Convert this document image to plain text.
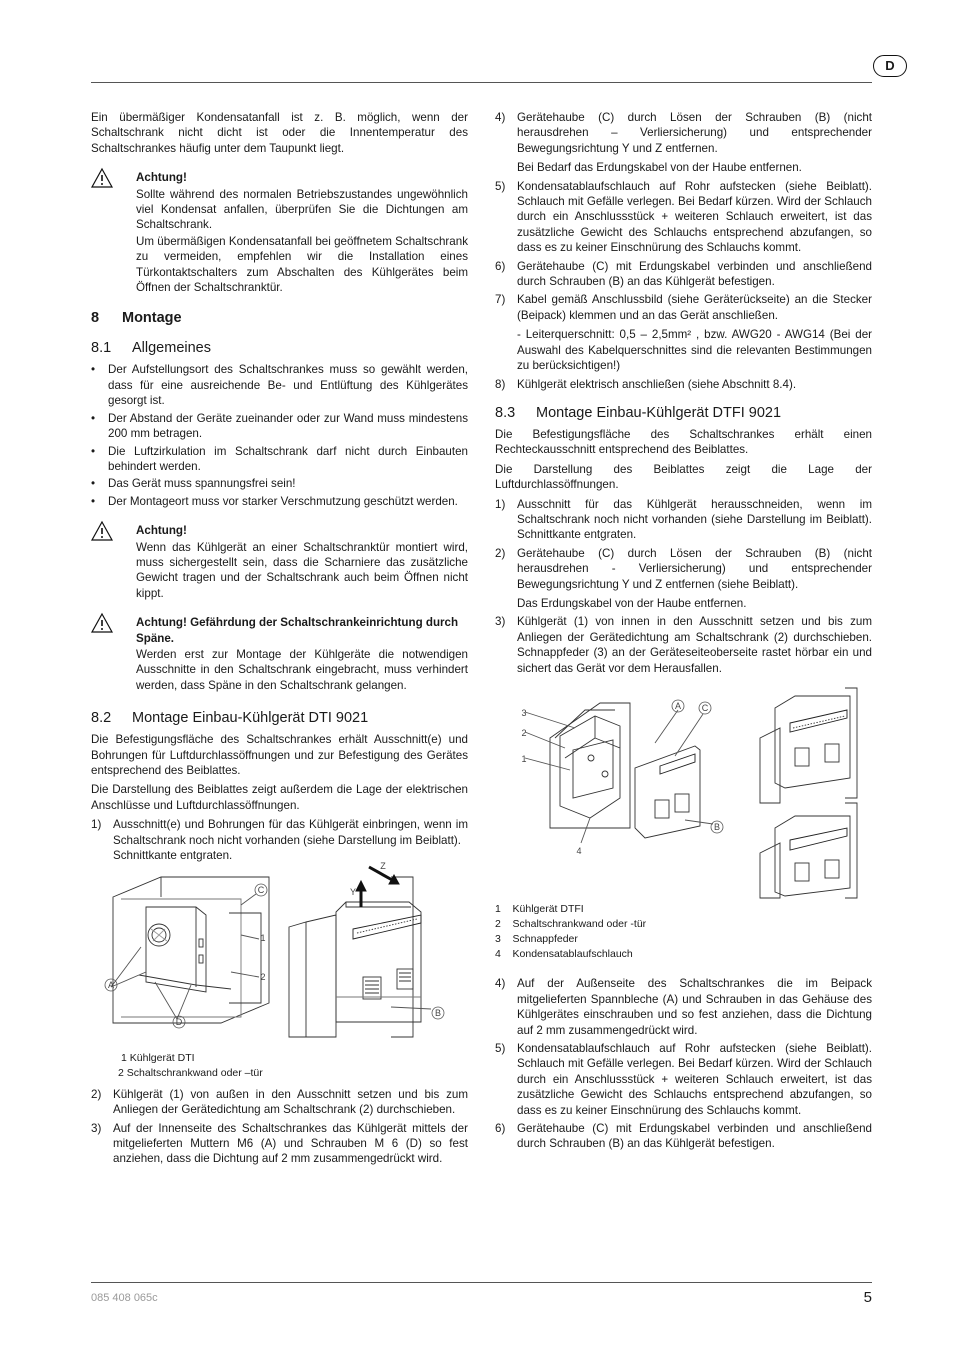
D

Ein übermäßiger Kondensatanfall ist z. B. möglich, wenn der Schaltschrank nicht dicht ist oder die Innentemperatur des Schaltschrankes häufig unter dem Taupunkt liegt.

Achtung!

Sollte während des normalen Betriebszustandes ungewöhnlich viel Kondensat anfallen, überprüfen Sie die Dichtungen am Schaltschrank.

Um übermäßigen Kondensatanfall bei geöffnetem Schaltschrank zu vermeiden, empfehlen wir die Installation eines Türkontaktschalters zum Abschalten des Kühlgerätes beim Öffnen der Schaltschranktür.

8 Montage
8.1 Allgemeines
• Der Aufstellungsort des Schaltschrankes muss so gewählt werden, dass für eine ausreichende Be- und Entlüftung des Kühlgerätes gesorgt ist.
• Der Abstand der Geräte zueinander oder zur Wand muss mindestens 200 mm betragen.
• Die Luftzirkulation im Schaltschrank darf nicht durch Einbauten behindert werden.
• Das Gerät muss spannungsfrei sein!
• Der Montageort muss vor starker Verschmutzung geschützt werden.
Achtung!

Wenn das Kühlgerät an einer Schaltschranktür montiert wird, muss sichergestellt sein, dass die Scharniere das zusätzliche Gewicht tragen und der Schaltschrank auch beim Öffnen nicht kippt.

Achtung! Gefährdung der Schaltschrankeinrichtung durch Späne.

Werden erst zur Montage der Kühlgeräte die notwendigen Ausschnitte in den Schaltschrank eingebracht, muss verhindert werden, dass Späne in den Schaltschrank gelangen.

8.2 Montage Einbau-Kühlgerät DTI 9021

Die Befestigungsfläche des Schaltschrankes erhält Ausschnitt(e) und Bohrungen für Luftdurchlassöffnungen und zur Befestigung des Gerätes entsprechend des Beiblattes.

Die Darstellung des Beiblattes zeigt außerdem die Lage der elektrischen Anschlüsse und Luftdurchlassöffnungen.

1) Ausschnitt(e) und Bohrungen für das Kühlgerät einbringen, wenn im Schaltschrank noch nicht vorhanden (siehe Darstellung im Beiblatt).
Schnittkante entgraten.
C
A
D
1
2
Z
Y
B
1 Kühlgerät DTI
2 Schaltschrankwand oder –tür
2) Kühlgerät (1) von außen in den Ausschnitt setzen und bis zum Anliegen der Gerätedichtung am Schaltschrank (2) durchschieben.
3) Auf der Innenseite des Schaltschrankes das Kühlgerät mittels der mitgelieferten Muttern M6 (A) und Schrauben M 6 (D) so fest anziehen, dass die Dichtung auf 2 mm zusammengedrückt wird.
4) Gerätehaube (C) durch Lösen der Schrauben (B) (nicht herausdrehen – Verliersicherung) und entsprechender Bewegungsrichtung Y und Z entfernen.
Bei Bedarf das Erdungskabel von der Haube entfernen.
5) Kondensatablaufschlauch auf Rohr aufstecken (siehe Beiblatt). Schlauch mit Gefälle verlegen. Bei Bedarf kürzen. Wird der Schlauch durch ein Anschlussstück + weiteren Schlauch erweitert, ist das zusätzliche Gewicht des Schlauchs entsprechend abzufangen, so dass es zu keiner Einschnürung des Schlauchs kommt.
6) Gerätehaube (C) mit Erdungskabel verbinden und anschließend durch Schrauben (B) an das Kühlgerät befestigen.
7) Kabel gemäß Anschlussbild (siehe Geräterückseite) an die Stecker (Beipack) klemmen und an das Gerät anschließen.
- Leiterquerschnitt: 0,5 – 2,5mm² , bzw. AWG20 - AWG14 (Bei der Auswahl des Kabelquerschnittes sind die relevanten Bestimmungen zu berücksichtigen!)
8) Kühlgerät elektrisch anschließen (siehe Abschnitt 8.4).
8.3 Montage Einbau-Kühlgerät DTFI 9021

Die Befestigungsfläche des Schaltschrankes erhält einen Rechteckausschnitt entsprechend des Beiblattes.

Die Darstellung des Beiblattes zeigt die Lage der Luftdurchlassöffnungen.

1) Ausschnitt für das Kühlgerät herausschneiden, wenn im Schaltschrank noch nicht vorhanden (siehe Darstellung im Beiblatt). Schnittkante entgraten.
2) Gerätehaube (C) durch Lösen der Schrauben (B) (nicht herausdrehen - Verliersicherung) und entsprechender Bewegungsrichtung Y und Z entfernen (siehe Beiblatt).
Das Erdungskabel von der Haube entfernen.
3) Kühlgerät (1) von innen in den Ausschnitt setzen und bis zum Anliegen der Gerätedichtung am Schaltschrank (2) durchschieben. Schnappfeder (3) an der Geräteseiteoberseite rastet hörbar ein und sichert das Gerät vor dem Herausfallen.
3
2
1
4
A C
B
1    Kühlgerät DTFI
2    Schaltschrankwand oder -tür
3    Schnappfeder
4    Kondensatablaufschlauch
4) Auf der Außenseite des Schaltschrankes die im Beipack mitgelieferten Spannbleche (A) und Schrauben in das Gehäuse des Kühlgerätes einschrauben und so fest anziehen, dass die Dichtung auf 2 mm zusammengedrückt wird.
5) Kondensatablaufschlauch auf Rohr aufstecken (siehe Beiblatt). Schlauch mit Gefälle verlegen. Bei Bedarf kürzen. Wird der Schlauch durch ein Anschlussstück + weiteren Schlauch erweitert, ist das zusätzliche Gewicht des Schlauchs entsprechend abzufangen, so dass es zu keiner Einschnürung des Schlauchs kommt.
6) Gerätehaube (C) mit Erdungskabel verbinden und anschließend durch Schrauben (B) an das Kühlgerät befestigen.
085 408 065c	5
